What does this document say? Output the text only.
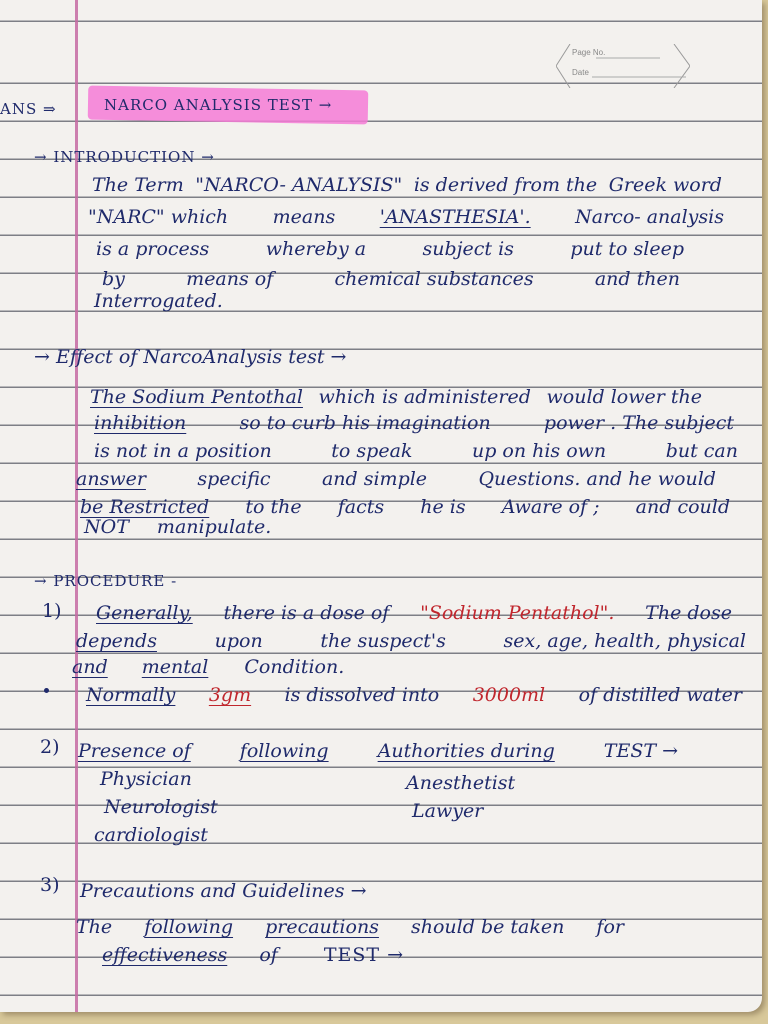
Page No.
Date
ANS ⇒	NARCO ANALYSIS TEST →
→ INTRODUCTION →
The Term "NARCO- ANALYSIS" is derived from the Greek word
"NARC" which means 'ANASTHESIA'. Narco- analysis
is a process	whereby a	subject is	put to sleep
by	means of	chemical substances	and then
Interrogated.
→ Effect of NarcoAnalysis test →
The Sodium Pentothal which is administered would lower the
inhibition	so to curb his imagination	power . The subject
is not in a position	to speak	up on his own	but can
answer	specific	and simple	Questions. and he would
be Restricted to the facts he is Aware of ; and could
NOT manipulate.
→ PROCEDURE -
1) Generally, there is a dose of "Sodium Pentathol". The dose
depends	upon	the suspect's	sex, age, health, physical
and mental Condition.
Normally 3gm is dissolved into 3000ml of distilled water
2) Presence of	following	Authorities during	TEST →
Physician
Neurologist
cardiologist
Anesthetist
Lawyer
3) Precautions and Guidelines →
The following precautions should be taken for
effectiveness of TEST →
